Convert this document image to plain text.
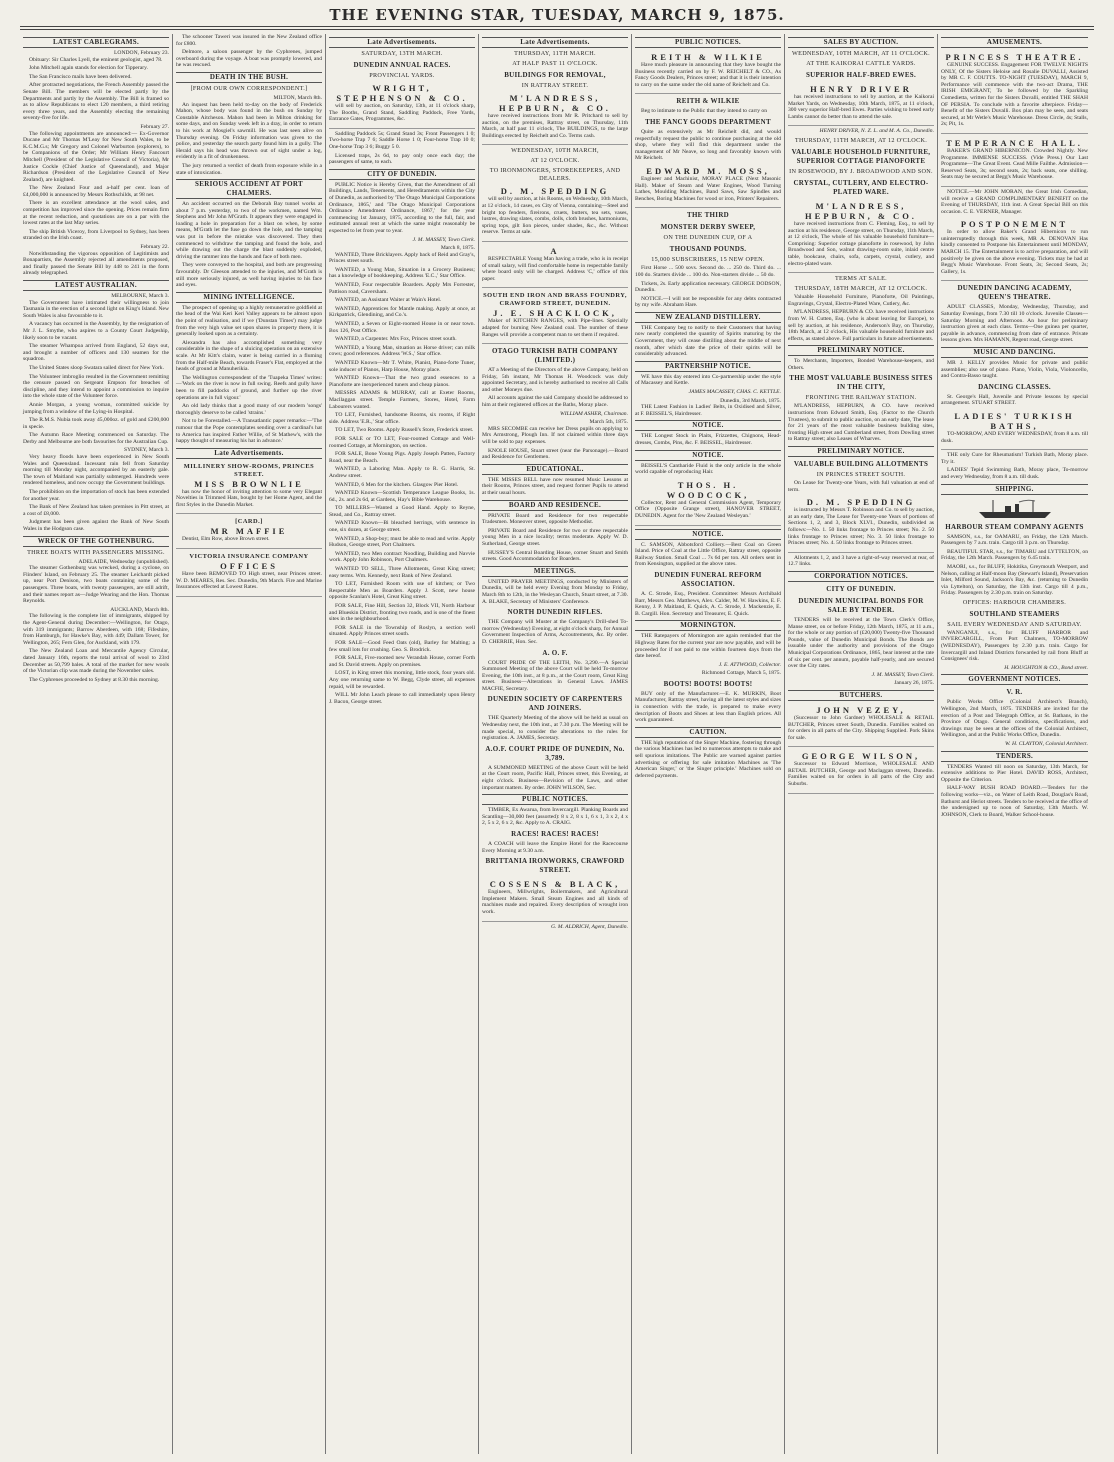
THE EVENING STAR, TUESDAY, MARCH 9, 1875.
LATEST CABLEGRAMS.
LONDON, February 23.

Obituary: Sir Charles Lyell, the eminent geologist, aged 78.

John Mitchell again stands for election for Tipperary.

The San Francisco mails have been delivered.

After protracted negotiations, the French Assembly passed the Senate Bill. The members will be elected partly by the Departments and partly by the Assembly. The Bill is framed so as to allow Republicans to elect 120 members, a third retiring every three years, and the Assembly electing the remaining seventy-five for life.

February 27.

The following appointments are announced:— Ex-Governor Ducane and Mr Thomas M'Leay for New South Wales, to be K.C.M.G.s; Mr Gregory and Colonel Warburton (explorers), to be Companions of the Order; Mr William Henry Fancourt Mitchell (President of the Legislative Council of Victoria), Mr Justice Cockle (Chief Justice of Queensland), and Major Richardson (President of the Legislative Council of New Zealand), are knighted.

The New Zealand Four and a-half per cent. loan of £4,000,000 is announced by Messrs Rothschilds, at 98 net.

There is an excellent attendance at the wool sales, and competition has improved since the opening. Prices remain firm at the recent reduction, and quotations are on a par with the lowest rates at the last May series.

The ship British Viceroy, from Liverpool to Sydney, has been stranded on the Irish coast.

February 22.

Notwithstanding the vigorous opposition of Legitimists and Bonapartists, the Assembly rejected all amendments proposed, and finally passed the Senate Bill by 448 to 241 in the form already telegraphed.

LATEST AUSTRALIAN.
MELBOURNE, March 3.

The Government have intimated their willingness to join Tasmania in the erection of a second light on King's Island. New South Wales is also favourable to it.

A vacancy has occurred in the Assembly, by the resignation of Mr J. L. Smythe, who aspires to a County Court Judgeship, likely soon to be vacant.

The steamer Whampoa arrived from England, 52 days out, and brought a number of officers and 130 seamen for the squadron.

The United States sloop Swatara sailed direct for New York.

The Volunteer imbroglio resulted in the Government remitting the censure passed on Sergeant Empson for breaches of discipline, and they intend to appoint a commission to inquire into the whole state of the Volunteer force.

Annie Morgan, a young woman, committed suicide by jumping from a window of the Lying-in Hospital.

The R.M.S. Nubia took away 45,000oz. of gold and £200,000 in specie.

The Autumn Race Meeting commenced on Saturday. The Derby and Melbourne are both favourites for the Australian Cup.

SYDNEY, March 3.

Very heavy floods have been experienced in New South Wales and Queensland. Incessant rain fell from Saturday morning till Monday night, accompanied by an easterly gale. The town of Maitland was partially submerged. Hundreds were rendered homeless, and now occupy the Government buildings.

The prohibition on the importation of stock has been extended for another year.

The Bank of New Zealand has taken premises in Pitt street, at a cost of £8,000.

Judgment has been given against the Bank of New South Wales in the Hodgson case.

WRECK OF THE GOTHENBURG.
THREE BOATS WITH PASSENGERS MISSING.
ADELAIDE, Wednesday (unpublished).

The steamer Gothenburg was wrecked, during a cyclone, on Flinders' Island, on February 25. The steamer Leichardt picked up, near Port Denison, two boats containing some of the passengers. Three boats, with twenty passengers, are still adrift, and their names report as—Judge Wearing and the Hon. Thomas Reynolds.

AUCKLAND, March 8th.

The following is the complete list of immigrants, shipped by the Agent-General during December:—Wellington, for Otago, with 319 immigrants; Barrow Aberdeen, with 168; Fifeshire, from Hamburgh, for Hawke's Bay, with 449; Dallam Tower, for Wellington, 265; Fern Glen, for Auckland, with 179.

The New Zealand Loan and Mercantile Agency Circular, dated January 16th, reports the total arrival of wool to 23rd December as 50,799 bales. A total of the market for new wools of the Victorian clip was made during the November sales.

The Cyphrenes proceeded to Sydney at 8.30 this morning.

The schooner Taweri was insured in the New Zealand office for £800.

Delmore, a saloon passenger by the Cyphrenes, jumped overboard during the voyage. A boat was promptly lowered, and he was rescued.

DEATH IN THE BUSH.
[FROM OUR OWN CORRESPONDENT.]
MILTON, March 8th.

An inquest has been held to-day on the body of Frederick Mahon, whose body was found in the bush on Sunday by Constable Aitcheson. Mahon had been in Milton drinking for some days, and on Sunday week left in a dray, in order to return to his work at Mosgiel's sawmill. He was last seen alive on Thursday evening. On Friday information was given to the police, and yesterday the search party found him in a gully. The Herald says his head was thrown out of sight under a log, evidently in a fit of drunkenness.

The jury returned a verdict of death from exposure while in a state of intoxication.

SERIOUS ACCIDENT AT PORT CHALMERS.

An accident occurred on the Deborah Bay tunnel works at about 7 p.m. yesterday, to two of the workmen, named Wm. Stephens and Mr John M'Grath. It appears they were engaged in loading a hole in preparation for a blast on when, by some means, M'Grath let the fuse go down the hole, and the tamping was put in before the mistake was discovered. They then commenced to withdraw the tamping and found the hole, and while drawing out the charge the blast suddenly exploded, driving the rammer into the hands and face of both men.

They were conveyed to the hospital, and both are progressing favourably. Dr Gleeson attended to the injuries, and M'Grath is still more seriously injured, as well having injuries to his face and eyes.

MINING INTELLIGENCE.

The prospect of opening up a highly remunerative goldfield at the head of the Wai Keri Keri Valley appears to be almost upon the point of realisation, and if we ('Dunstan Times') may judge from the very high value set upon shares in property there, it is generally looked upon as a certainty.

Alexandra has also accomplished something very considerable in the shape of a sluicing operation on an extensive scale. At Mr Kitt's claim, water is being carried in a fluming from the Half-mile Beach, towards Fraser's Flat, employed at the heads of ground at Manuherikia.

The Wellington correspondent of the 'Tuapeka Times' writes:—'Work on the river is now in full swing. Reefs and gully have been to fill paddocks of ground, and further up the river operations are in full vigour.'

An old lady thinks that a good many of our modern 'songs' thoroughly deserve to be called 'strains.'

Not to be Forestalled.—A Transatlantic paper remarks:—'The rumour that the Pope contemplates sending over a cardinal's hat to America has inspired Father Willie, of St Mathew's, with the happy thought of measuring his hat in advance.'

Late Advertisements.
MILLINERY SHOW-ROOMS, PRINCES STREET.
MISS BROWNLIE

has now the honor of inviting attention to some very Elegant Novelties in Trimmed Hats, bought by her Home Agent, and the first Styles in the Dunedin Market.

[CARD.]
MR MAFFIE

Dentist, Elm Row, above Brown street.

VICTORIA INSURANCE COMPANY
OFFICES

Have been REMOVED TO High street, near Princes street. W. D. MEARES, Res. Sec. Dunedin, 9th March. Fire and Marine Insurances effected at Lowest Rates.

Late Advertisements.
SATURDAY, 13TH MARCH.
DUNEDIN ANNUAL RACES.
PROVINCIAL YARDS.
WRIGHT, STEPHENSON & CO.

will sell by auction, on Saturday, 13th, at 11 o'clock sharp, The Booths, Grand Stand, Saddling Paddock, Free Yards, Entrance Gates, Programmes, &c.

Saddling Paddock 5s; Grand Stand 3s; Front Passengers 1 0; Two-horse Trap 7 6; Saddle Horse 1 0; Four-horse Trap 10 0; One-horse Trap 3 6; Buggy 5 0.

Licensed traps, 2s 6d, to pay only once each day; the passengers of same, to each.

CITY OF DUNEDIN.

PUBLIC Notice is Hereby Given, that the Amendment of all Buildings, Lands, Tenements, and Hereditaments within the City of Dunedin, as authorised by 'The Otago Municipal Corporations Ordinance, 1865,' and 'The Otago Municipal Corporations Ordinance Amendment Ordinance, 1867,' for the year commencing 1st January, 1875, according to the full, fair, and estimated annual rent at which the same might reasonably be expected to let from year to year.

J. M. MASSEY, Town Clerk.
March 8, 1875.

WANTED, Three Bricklayers. Apply back of Reid and Gray's, Princes street south.

WANTED, a Young Man, Situation in a Grocery Business; has a knowledge of bookkeeping. Address 'E.C.,' Star Office.

WANTED, Four respectable Boarders. Apply Mrs Forrester, Pattison road, Caversham.

WANTED, an Assistant Waiter at Wain's Hotel.

WANTED, Apprentices for Mantle making. Apply at once, at Kirkpatrick, Glendining, and Co.'s.

WANTED, a Seven or Eight-roomed House in or near town. Box 126, Post Office.

WANTED, a Carpenter. Mrs Fox, Princes street south.

WANTED, a Young Man, situation as Horse driver; can milk cows; good references. Address 'W.S.,' Star office.

WANTED Known—Mr T. White, Pianist, Piano-forte Tuner, sole inducer of Pianos, Harp House, Moray place.

WANTED Known—That the two grand essences to a Pianoforte are inexperienced tuners and cheap pianos.

MESSRS ADAMS & MURRAY, call at Exeter Rooms, Macllaggan street. Temple Farmers, Stores, Hotel, Farm Labourers wanted.

TO LET, Furnished, handsome Rooms, six rooms, if Right side. Address 'E.R.,' Star office.

TO LET, Two Rooms. Apply Russell's Store, Frederick street.

FOR SALE or TO LET, Four-roomed Cottage and Well-roomed Cottage, at Mornington, on section.

FOR SALE, Bone Young Pigs. Apply Joseph Patten, Factory Road, near the Beach.

WANTED, a Laboring Man. Apply to R. G. Harris, St. Andrew street.

WANTED, 6 Men for the kitchen. Glasgow Pier Hotel.

WANTED Known—Scottish Temperance League Books, 1s. 6d., 2s. and 2s 6d, at Gardens, Hay's Bible Warehouse.

TO MILLERS—Wanted a Good Hand. Apply to Reyne, Stead, and Co., Rattray street.

WANTED Known—Bi bleached herrings, with sentence in one, six dozen, at George street.

WANTED, a Shop-boy; must be able to read and write. Apply Hudson, George street, Port Chalmers.

WANTED, two Men contract Noodling, Building and Navvie work. Apply John Robinson, Port Chalmers.

WANTED TO SELL, Three Allotments, Great King street; easy terms. Wm. Kennedy, next Bank of New Zealand.

TO LET, Furnished Room with use of kitchen; or Two Respectable Men as Boarders. Apply J. Scott, new house opposite Scanlan's Hotel, Great King street.

FOR SALE, Fine Hill, Section 32, Block VII, North Harbour and Blueskin District, fronting two roads, and is one of the finest sites in the neighbourhood.

FOR SALE in the Township of Roslyn, a section well situated. Apply Princes street south.

FOR SALE—Good Feed Oats (old), Barley for Malting; a few small lots for crushing. Geo. S. Brodrick.

FOR SALE, Five-roomed new Verandah House, corner Forth and St. David streets. Apply on premises.

LOST, in King street this morning, little stock, four years old. Any one returning same to W. Begg, Clyde street, all expenses repaid, will be rewarded.

WILL Mr John Leach please to call immediately upon Henry J. Bacon, George street.

Late Advertisements.
THURSDAY, 11TH MARCH.
AT HALF PAST 11 O'CLOCK.
BUILDINGS FOR REMOVAL,
IN RATTRAY STREET.
M'LANDRESS, HEPBURN, & CO.

have received instructions from Mr R. Pritchard to sell by auction, on the premises, Rattray street, on Thursday, 11th March, at half past 11 o'clock, The BUILDINGS, to the large Buildings erected by Reichelt and Co. Terms cash.

WEDNESDAY, 10TH MARCH,
AT 12 O'CLOCK.
TO IRONMONGERS, STOREKEEPERS, AND DEALERS.
D. M. SPEDDING

will sell by auction, at his Rooms, on Wednesday, 10th March, at 12 o'clock, 14 cases, ex City of Vienna, containing—Steel and bright top fenders, fireirons, cruets, butters, tea sets, vases, lustres, drawing slates, combs, dolls, cloth brushes, harmoniums, spring tops, gilt lion pieces, under shades, &c., &c. Without reserve. Terms at sale.

A

RESPECTABLE Young Man having a trade, who is in receipt of small salary, will find comfortable home in respectable family where board only will be charged. Address 'C,' office of this paper.

SOUTH END IRON AND BRASS FOUNDRY, CRAWFORD STREET, DUNEDIN.
J. E. SHACKLOCK,

Maker of KITCHEN RANGES, with Pipe-lines. Specially adapted for burning New Zealand coal. The number of these Ranges will provide a competent man to set them if required.

OTAGO TURKISH BATH COMPANY (LIMITED.)

AT a Meeting of the Directors of the above Company, held on Friday, 5th instant, Mr Thomas H. Woodcock was duly appointed Secretary, and is hereby authorised to receive all Calls and other Moneys due.

All accounts against the said Company should be addressed to him at their registered offices at the Baths, Moray place.

WILLIAM ASHER, Chairman.
March 5th, 1875.

MRS SECOMBE can receive her Dress pupils on applying to Mrs Armstrong, Plough Inn. If not claimed within three days will be sold to pay expenses.

KNOLE HOUSE, Stuart street (near the Parsonage).—Board and Residence for Gentlemen.

EDUCATIONAL.

THE MISSES BELL have now resumed Music Lessons at their Rooms, Princes street, and request former Pupils to attend at their usual hours.

BOARD AND RESIDENCE.

PRIVATE Board and Residence for two respectable Tradesmen. Moneover street, opposite Methodist.

PRIVATE Board and Residence for two or three respectable young Men in a nice locality; terms moderate. Apply W. D. Sutherland, George street.

HUSSEY'S Central Boarding House, corner Stuart and Smith streets. Good Accommodation for Boarders.

MEETINGS.

UNITED PRAYER MEETINGS, conducted by Ministers of Dunedin, will be held every Evening from Monday to Friday, March 8th to 12th, in the Wesleyan Church, Stuart street, at 7.30. A. BLAKE, Secretary of Ministers' Conference.

NORTH DUNEDIN RIFLES.

THE Company will Muster at the Company's Drill-shed To-morrow (Wednesday) Evening, at eight o'clock sharp, for Annual Government Inspection of Arms, Accoutrements, &c. By order. D. CHERRIE, Hon. Sec.

A. O. F.

COURT PRIDE OF THE LEITH, No. 3,290.—A Special Summoned Meeting of the above Court will be held To-morrow Evening, the 10th inst., at 8 p.m., at the Court room, Great King street. Business—Alterations in General Laws. JAMES MACFIE, Secretary.

DUNEDIN SOCIETY OF CARPENTERS AND JOINERS.

THE Quarterly Meeting of the above will be held as usual on Wednesday next, the 10th inst., at 7.30 p.m. The Meeting will be made special, to consider the alterations to the rules for registration. A. JAMES, Secretary.

A.O.F. COURT PRIDE OF DUNEDIN, No. 3,789.

A SUMMONED MEETING of the above Court will be held at the Court room, Pacific Hall, Princes street, this Evening, at eight o'clock. Business—Revision of the Laws, and other important matters. By order. JOHN WILSON, Sec.

PUBLIC NOTICES.

TIMBER, Ex Awarua, from Invercargill. Planking Boards and Scantling—30,000 feet (assorted): 8 x 2, 8 x 1, 6 x 1, 3 x 2, 4 x 2, 5 x 2, 6 x 2, &c. Apply to A. CRAIG.

RACES! RACES! RACES!

A COACH will leave the Empire Hotel for the Racecourse Every Morning at 9.30 a.m.

BRITTANIA IRONWORKS, CRAWFORD STREET.
COSSENS & BLACK,

Engineers, Millwrights, Boilermakers, and Agricultural Implement Makers. Small Steam Engines and all kinds of machines made and repaired. Every description of wrought iron work.

G. M. ALDRICH, Agent, Dunedin.
PUBLIC NOTICES.
REITH & WILKIE

Have much pleasure in announcing that they have bought the Business recently carried on by F. W. REICHELT & CO., As Fancy Goods Dealers, Princes street; and that it is their intention to carry on the same under the old name of Reichelt and Co.

REITH & WILKIE

Beg to intimate to the Public that they intend to carry on

THE FANCY GOODS DEPARTMENT

Quite as extensively as Mr Reichelt did, and would respectfully request the public to continue purchasing at the old shop, where they will find this department under the management of Mr Neave, so long and favorably known with Mr Reichelt.

EDWARD M. MOSS,

Engineer and Machinist, MORAY PLACE (Next Masonic Hall). Maker of Steam and Water Engines, Wood Turning Lathes, Moulding Machines, Band Saws, Saw Spindles and Benches, Boring Machines for wood or iron, Printers' Repairers.

THE THIRD
MONSTER DERBY SWEEP,
ON THE DUNEDIN CUP, OF A
THOUSAND POUNDS.
15,000 SUBSCRIBERS, 15 NEW OPEN.

First Horse ... 500 sovs. Second do. ... 250 do. Third do. ... 100 do. Starters divide ... 100 do. Non-starters divide ... 50 do.

Tickets, 2s. Early application necessary. GEORGE DODSON, Dunedin.

NOTICE.—I will not be responsible for any debts contracted by my wife. Abraham Hare.

NEW ZEALAND DISTILLERY.

THE Company beg to notify to their Customers that having now nearly completed the quantity of Spirits maturing by the Government, they will cease distilling about the middle of next month, after which date the price of their spirits will be considerably advanced.

PARTNERSHIP NOTICE.

WE have this day entered into Co-partnership under the style of Macassey and Kettle.

JAMES MACASSEY, CHAS. C. KETTLE.
Dunedin, 3rd March, 1875.

THE Latest Fashion in Ladies' Belts, in Oxidised and Silver, at F. BEISSEL'S, Hairdresser.

NOTICE.

THE Longest Stock in Plaits, Frizzettes, Chignons, Head-dresses, Combs, Pins, &c. F. BEISSEL, Hairdresser.

NOTICE.

BEISSEL'S Cantharide Fluid is the only article in the whole world capable of reproducing Hair.

THOS. H. WOODCOCK,

Collector, Rent and General Commission Agent, Temporary Office (Opposite Grange street), HANOVER STREET, DUNEDIN. Agent for the 'New Zealand Wesleyan.'

NOTICE.

C. SAMSON, Abbotsford Colliery.—Best Coal on Green Island. Price of Coal at the Little Office, Rattray street, opposite Railway Station. Small Coal ... 7s 6d per ton. All orders sent in from Kensington, supplied at the above rates.

DUNEDIN FUNERAL REFORM ASSOCIATION.

A. C. Strode, Esq., President. Committee: Messrs Archibald Barr, Messrs Geo. Matthews, Alex. Calder, M. W. Hawkins, E. F. Kenny, J. P. Maitland, E. Quick, A. C. Strode, J. Mackenzie, E. B. Cargill. Hon. Secretary and Treasurer, E. Quick.

MORNINGTON.

THE Ratepayers of Mornington are again reminded that the Highway Rates for the current year are now payable, and will be proceeded for if not paid to me within fourteen days from the date hereof.

J. E. ATTWOOD, Collector.
Richmond Cottage, March 5, 1875.
BOOTS! BOOTS! BOOTS!

BUY only of the Manufacturer.—E. K. MURKIN, Boot Manufacturer, Rattray street, having all the latest styles and sizes in connection with the trade, is prepared to make every description of Boots and Shoes at less than English prices. All work guaranteed.

CAUTION.

THE high reputation of the Singer Machine, fostering through the various Machines has led to numerous attempts to make and sell spurious imitations. The Public are warned against parties advertising or offering for sale imitation Machines as 'The American Singer,' or 'the Singer principle.' Machines sold on deferred payments.

SALES BY AUCTION.
WEDNESDAY, 10TH MARCH, AT 11 O'CLOCK.
AT THE KAIKORAI CATTLE YARDS.
SUPERIOR HALF-BRED EWES.
HENRY DRIVER

has received instructions to sell by auction, at the Kaikorai Market Yards, on Wednesday, 10th March, 1875, at 11 o'clock, 300 very superior Half-bred Ewes. Parties wishing to breed early Lambs cannot do better than to attend the sale.

HENRY DRIVER, N. Z. L. and M. A. Co., Dunedin.
THURSDAY, 11TH MARCH, AT 12 O'CLOCK.
VALUABLE HOUSEHOLD FURNITURE, SUPERIOR COTTAGE PIANOFORTE
IN ROSEWOOD, BY J. BROADWOOD AND SON.
CRYSTAL, CUTLERY, AND ELECTRO-PLATED WARE.
M'LANDRESS, HEPBURN, & CO.

have received instructions from C. Fleming, Esq., to sell by auction at his residence, George street, on Thursday, 11th March, at 12 o'clock, The whole of his valuable household furniture—Comprising: Superior cottage pianoforte in rosewood, by John Broadwood and Son, walnut drawing-room suite, inlaid centre table, bookcase, chairs, sofa, carpets, crystal, cutlery, and electro-plated ware.

TERMS AT SALE.
THURSDAY, 18TH MARCH, AT 12 O'CLOCK.

Valuable Household Furniture, Pianoforte, Oil Paintings, Engravings, Crystal, Electro-Plated Ware, Cutlery, &c.

M'LANDRESS, HEPBURN & CO. have received instructions from W. H. Cutten, Esq. (who is about leaving for Europe), to sell by auction, at his residence, Anderson's Bay, on Thursday, 18th March, at 12 o'clock, His valuable household furniture and effects, as stated above. Full particulars in future advertisements.

PRELIMINARY NOTICE.

To Merchants, Importers, Bonded Warehouse-keepers, and Others.

THE MOST VALUABLE BUSINESS SITES IN THE CITY,
FRONTING THE RAILWAY STATION.

M'LANDRESS, HEPBURN, & CO. have received instructions from Edward Smith, Esq. (Factor to the Church Trustees), to submit to public auction, on an early date, The lease for 21 years of the most valuable business building sites, fronting High street and Cumberland street, from Dowling street to Rattray street; also Leases of Wharves.

PRELIMINARY NOTICE.
VALUABLE BUILDING ALLOTMENTS
IN PRINCES STREET SOUTH.

On Lease for Twenty-one Years, with full valuation at end of term.

D. M. SPEDDING

is instructed by Messrs T. Robinson and Co. to sell by auction, at an early date, The Lease for Twenty-one Years of portions of Sections 1, 2, and 3, Block XLVI., Dunedin, subdivided as follows:—No. 1. 50 links frontage to Princes street; No. 2. 50 links frontage to Princes street; No. 3. 50 links frontage to Princes street; No. 4. 50 links frontage to Princes street.

Allotments 1, 2, and 3 have a right-of-way reserved at rear, of 12.7 links.

CORPORATION NOTICES.
CITY OF DUNEDIN.
DUNEDIN MUNICIPAL BONDS FOR SALE BY TENDER.

TENDERS will be received at the Town Clerk's Office, Manse street, on or before Friday, 12th March, 1875, at 11 a.m., for the whole or any portion of (£20,000) Twenty-five Thousand Pounds, value of Dunedin Municipal Bonds. The Bonds are issuable under the authority and provisions of the Otago Municipal Corporations Ordinance, 1865, bear interest at the rate of six per cent. per annum, payable half-yearly, and are secured over the City rates.

J. M. MASSEY, Town Clerk.
January 26, 1875.
BUTCHERS.
JOHN VEZEY,

(Successor to John Gardner) WHOLESALE & RETAIL BUTCHER, Princes street South, Dunedin. Families waited on for orders in all parts of the City. Shipping Supplied. Pork Skins for sale.

GEORGE WILSON,

Successor to Edward Morrison, WHOLESALE AND RETAIL BUTCHER, George and Maclaggan streets, Dunedin. Families waited on for orders in all parts of the City and Suburbs.

AMUSEMENTS.
PRINCESS THEATRE.

GENUINE SUCCESS. Engagement FOR TWELVE NIGHTS ONLY, Of the Sisters Heloise and Rosalie DUVALLI, Assisted by MR C. F. COUTTS. TO-NIGHT (TUESDAY), MARCH 9, Performance will commence with the two-act Drama, THE IRISH EMIGRANT, To be followed by the Sparkling Comedietta, written for the Sisters Duvalli, entitled THE SHAH OF PERSIA. To conclude with a favorite afterpiece. Friday—Benefit of the Sisters Duvalli. Box plan may be seen, and seats secured, at Mr Wetle's Music Warehouse. Dress Circle, 4s; Stalls, 2s; Pit, 1s.

TEMPERANCE HALL.

BAKER'S GRAND HIBERNICON. Crowded Nightly. New Programme. IMMENSE SUCCESS. (Vide Press.) Our Last Programme—The Great Event. Cead Mille Failthe. Admission—Reserved Seats, 3s; second seats, 2s; back seats, one shilling. Seats may be secured at Begg's Music Warehouse.

NOTICE.—Mr JOHN MORAN, the Great Irish Comedian, will receive a GRAND COMPLIMENTARY BENEFIT on the Evening of THURSDAY, 11th inst. A Great Special Bill on this occasion. C. E. VERNER, Manager.

POSTPONEMENT

In order to allow Baker's Grand Hibernicon to run uninterruptedly through this week, MR A. DENOVAN Has kindly consented to Postpone his Entertainment until MONDAY, MARCH 15. The Entertainment is to active preparation, and will positively be given on the above evening. Tickets may be had at Begg's Music Warehouse. Front Seats, 3s; Second Seats, 2s; Gallery, 1s.

DUNEDIN DANCING ACADEMY, QUEEN'S THEATRE.

ADULT CLASSES, Monday, Wednesday, Thursday, and Saturday Evenings, from 7.30 till 10 o'clock. Juvenile Classes—Saturday Morning and Afternoon. An hour for preliminary instruction given at each class. Terms—One guinea per quarter, payable in advance, commencing from date of entrance. Private lessons given. Mrs HAMANN, Regent road, George street.

MUSIC AND DANCING.

MR J. KELLY provides Music for private and public assemblies; also use of piano. Piano, Violin, Viola, Violoncello, and Contra-Basso taught.

DANCING CLASSES.

St. George's Hall, Juvenile and Private lessons by special arrangement. STUART STREET.

LADIES' TURKISH BATHS,

TO-MORROW, AND EVERY WEDNESDAY, from 8 a.m. till dusk.

THE only Cure for Rheumatism! Turkish Bath, Moray place. Try it.

LADIES' Tepid Swimming Bath, Moray place, To-morrow and every Wednesday, from 8 a.m. till dusk.

SHIPPING.
HARBOUR STEAM COMPANY AGENTS

SAMSON, s.s., for OAMARU, on Friday, the 12th March. Passengers by 7 a.m. train. Cargo till 3 p.m. on Thursday.

BEAUTIFUL STAR, s.s., for TIMARU and LYTTELTON, on Friday, the 12th March. Passengers by 6.45 train.

MAORI, s.s., for BLUFF, Hokitika, Greymouth Westport, and Nelson, calling at Half-moon Bay (Stewart's Island), Preservation Inlet, Milford Sound, Jackson's Bay, &c. (returning to Dunedin via Lyttelton), on Saturday, the 13th inst. Cargo till 4 p.m., Friday. Passengers by 2.30 p.m. train on Saturday.

OFFICES: HARBOUR CHAMBERS.
SOUTHLAND STEAMERS
SAIL EVERY WEDNESDAY AND SATURDAY.

WANGANUI, s.s., for BLUFF HARBOR and INVERCARGILL, From Port Chalmers, TO-MORROW (WEDNESDAY), Passengers by 2.30 p.m. train. Cargo for Invercargill and Inland Districts forwarded by rail from Bluff at Consignees' risk.

H. HOUGHTON & CO., Bond street.
GOVERNMENT NOTICES.
V. R.

Public Works Office (Colonial Architect's Branch), Wellington, 2nd March, 1875. TENDERS are invited for the erection of a Post and Telegraph Office, at St. Bathans, in the Province of Otago. General conditions, specifications, and drawings may be seen at the offices of the Colonial Architect, Wellington, and at the Public Works Office, Dunedin.

W. H. CLAYTON, Colonial Architect.
TENDERS.

TENDERS Wanted till noon on Saturday, 13th March, for extensive additions to Pier Hotel. DAVID ROSS, Architect, Opposite the Criterion.

HALF-WAY BUSH ROAD BOARD.—Tenders for the following works—viz., on Water of Leith Road, Douglas's Road, Bathurst and Heriot streets. Tenders to be received at the office of the undersigned up to noon of Saturday, 13th March. W. JOHNSON, Clerk to Board, Walker School-house.
